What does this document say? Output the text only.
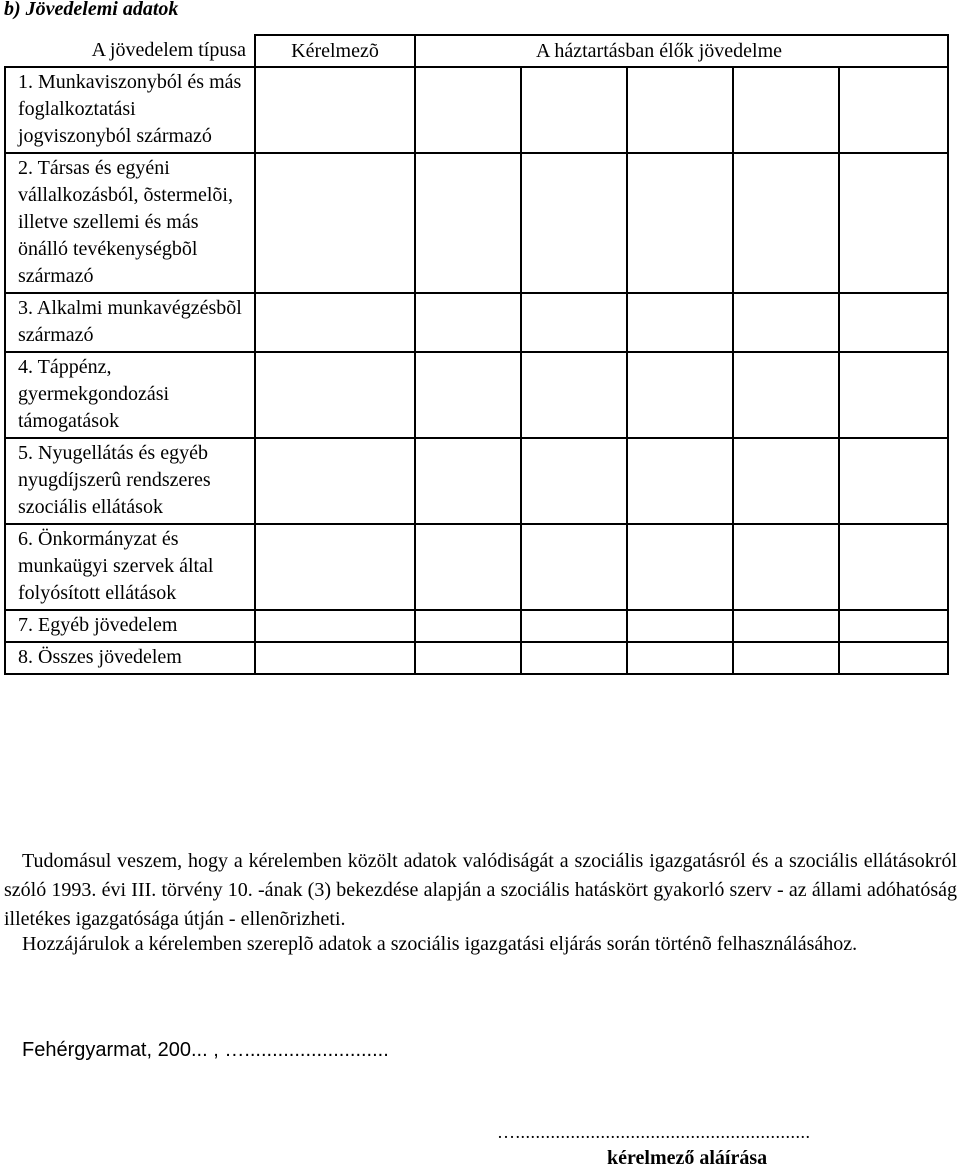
b) Jövedelemi adatok
A jövedelem típusa	Kérelmezõ	A háztartásban élők jövedelme				
1. Munkaviszonyból és más foglalkoztatási jogviszonyból származó						
2. Társas és egyéni vállalkozásból, õstermelõi, illetve szellemi és más önálló tevékenységbõl származó						
3. Alkalmi munkavégzésbõl származó						
4. Táppénz, gyermekgondozási támogatások						
5. Nyugellátás és egyéb nyugdíjszerû rendszeres szociális ellátások						
6. Önkormányzat és munkaügyi szervek által folyósított ellátások						
7. Egyéb jövedelem						
8. Összes jövedelem						

Tudomásul veszem, hogy a kérelemben közölt adatok valódiságát a szociális igazgatásról és a szociális ellátásokról szóló 1993. évi III. törvény 10. -ának (3) bekezdése alapján a szociális hatáskört gyakorló szerv - az állami adóhatóság illetékes igazgatósága útján - ellenõrizheti.

Hozzájárulok a kérelemben szereplõ adatok a szociális igazgatási eljárás során történõ felhasználásához.

Fehérgyarmat, 200... , …..........................

…...........................................................

kérelmező aláírása
